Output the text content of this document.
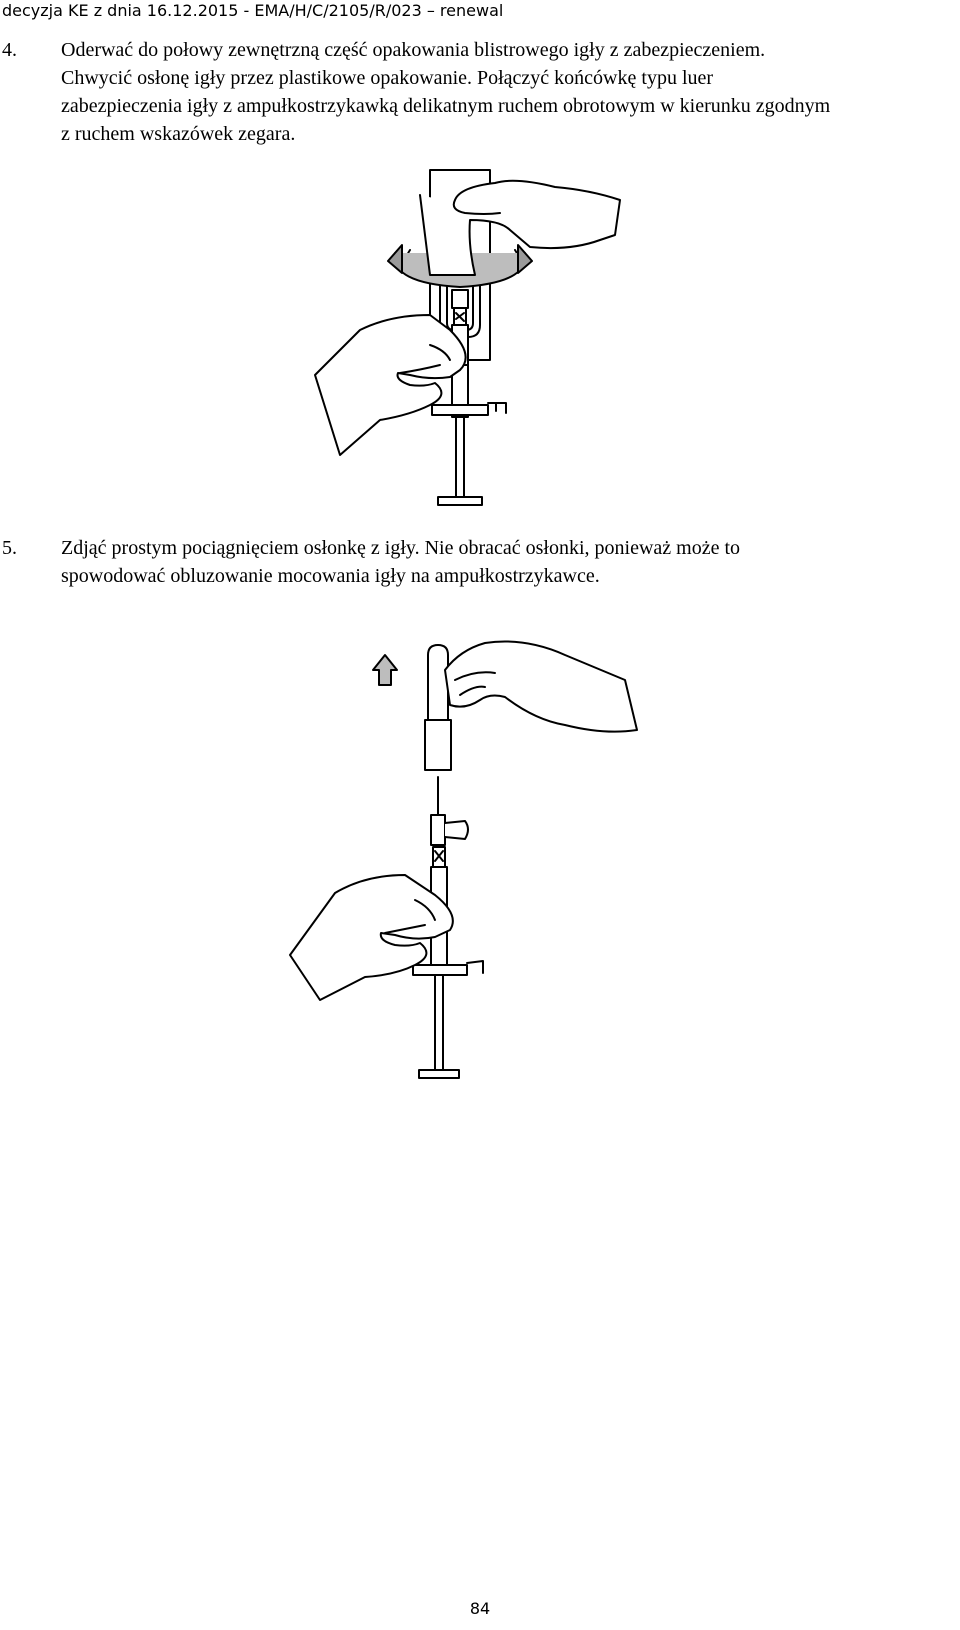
decyzja KE z dnia 16.12.2015 - EMA/H/C/2105/R/023 – renewal
4. Oderwać do połowy zewnętrzną część opakowania blistrowego igły z zabezpieczeniem.
Chwycić osłonę igły przez plastikowe opakowanie. Połączyć końcówkę typu luer
zabezpieczenia igły z ampułkostrzykawką delikatnym ruchem obrotowym w kierunku zgodnym
z ruchem wskazówek zegara.
5. Zdjąć prostym pociągnięciem osłonkę z igły. Nie obracać osłonki, ponieważ może to
spowodować obluzowanie mocowania igły na ampułkostrzykawce.
84
